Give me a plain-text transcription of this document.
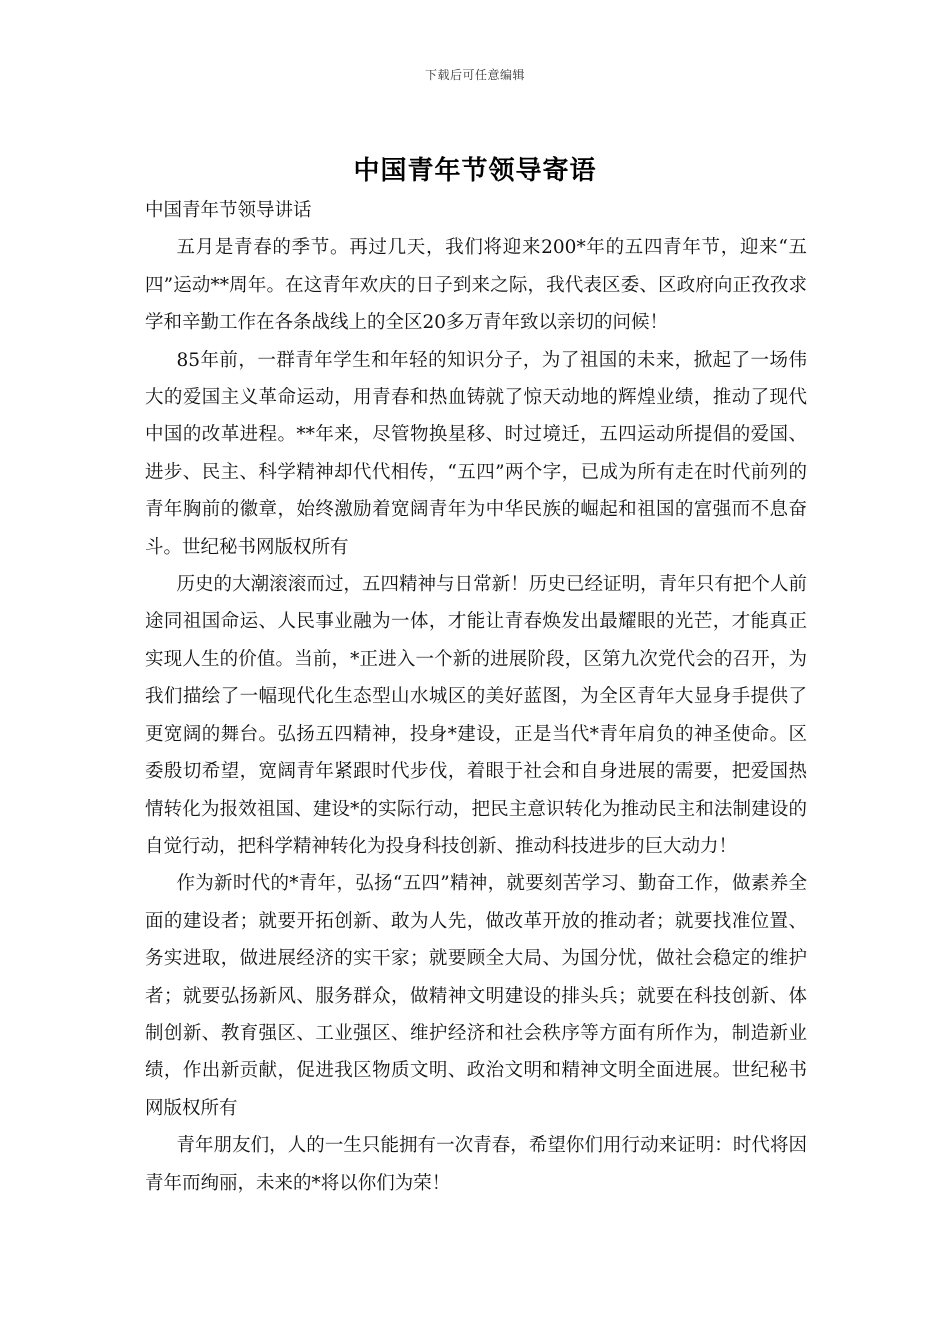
下载后可任意编辑
中国青年节领导寄语

中国青年节领导讲话

五月是青春的季节。再过几天，我们将迎来200*年的五四青年节，迎来“五四”运动**周年。在这青年欢庆的日子到来之际，我代表区委、区政府向正孜孜求学和辛勤工作在各条战线上的全区20多万青年致以亲切的问候！

85年前，一群青年学生和年轻的知识分子，为了祖国的未来，掀起了一场伟大的爱国主义革命运动，用青春和热血铸就了惊天动地的辉煌业绩，推动了现代中国的改革进程。**年来，尽管物换星移、时过境迁，五四运动所提倡的爱国、进步、民主、科学精神却代代相传，“五四”两个字，已成为所有走在时代前列的青年胸前的徽章，始终激励着宽阔青年为中华民族的崛起和祖国的富强而不息奋斗。世纪秘书网版权所有

历史的大潮滚滚而过，五四精神与日常新！历史已经证明，青年只有把个人前途同祖国命运、人民事业融为一体，才能让青春焕发出最耀眼的光芒，才能真正实现人生的价值。当前，*正进入一个新的进展阶段，区第九次党代会的召开，为我们描绘了一幅现代化生态型山水城区的美好蓝图，为全区青年大显身手提供了更宽阔的舞台。弘扬五四精神，投身*建设，正是当代*青年肩负的神圣使命。区委殷切希望，宽阔青年紧跟时代步伐，着眼于社会和自身进展的需要，把爱国热情转化为报效祖国、建设*的实际行动，把民主意识转化为推动民主和法制建设的自觉行动，把科学精神转化为投身科技创新、推动科技进步的巨大动力！

作为新时代的*青年，弘扬“五四”精神，就要刻苦学习、勤奋工作，做素养全面的建设者；就要开拓创新、敢为人先，做改革开放的推动者；就要找准位置、务实进取，做进展经济的实干家；就要顾全大局、为国分忧，做社会稳定的维护者；就要弘扬新风、服务群众，做精神文明建设的排头兵；就要在科技创新、体制创新、教育强区、工业强区、维护经济和社会秩序等方面有所作为，制造新业绩，作出新贡献，促进我区物质文明、政治文明和精神文明全面进展。世纪秘书网版权所有

青年朋友们，人的一生只能拥有一次青春，希望你们用行动来证明：时代将因青年而绚丽，未来的*将以你们为荣！
